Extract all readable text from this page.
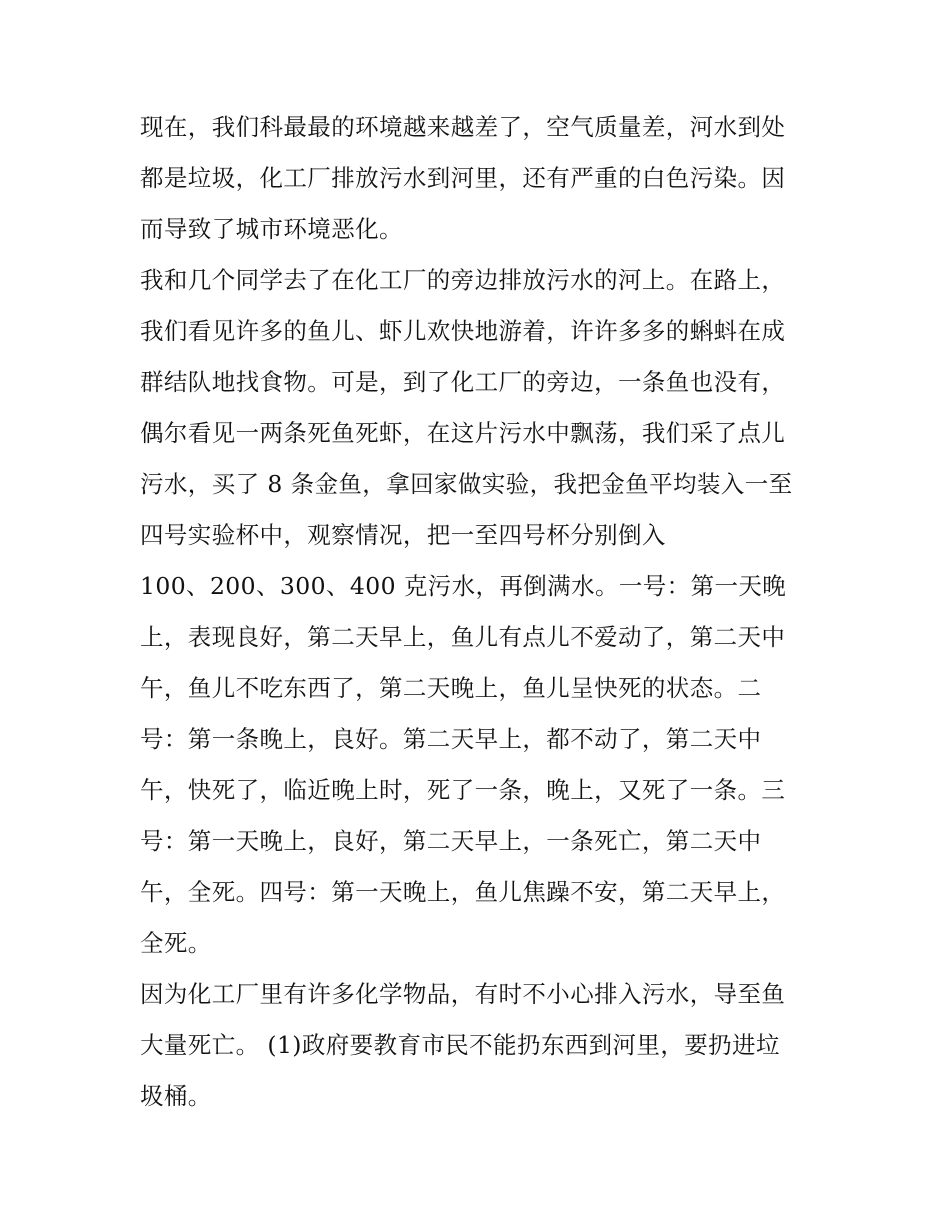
现在，我们科最最的环境越来越差了，空气质量差，河水到处
都是垃圾，化工厂排放污水到河里，还有严重的白色污染。因
而导致了城市环境恶化。
我和几个同学去了在化工厂的旁边排放污水的河上。在路上，
我们看见许多的鱼儿、虾儿欢快地游着，许许多多的蝌蚪在成
群结队地找食物。可是，到了化工厂的旁边，一条鱼也没有，
偶尔看见一两条死鱼死虾，在这片污水中飘荡，我们采了点儿
污水，买了 8 条金鱼，拿回家做实验，我把金鱼平均装入一至
四号实验杯中，观察情况，把一至四号杯分别倒入
100、200、300、400 克污水，再倒满水。一号：第一天晚
上，表现良好，第二天早上，鱼儿有点儿不爱动了，第二天中
午，鱼儿不吃东西了，第二天晚上，鱼儿呈快死的状态。二
号：第一条晚上，良好。第二天早上，都不动了，第二天中
午，快死了，临近晚上时，死了一条，晚上，又死了一条。三
号：第一天晚上，良好，第二天早上，一条死亡，第二天中
午，全死。四号：第一天晚上，鱼儿焦躁不安，第二天早上，
全死。
因为化工厂里有许多化学物品，有时不小心排入污水，导至鱼
大量死亡。 (1)政府要教育市民不能扔东西到河里，要扔进垃
圾桶。
